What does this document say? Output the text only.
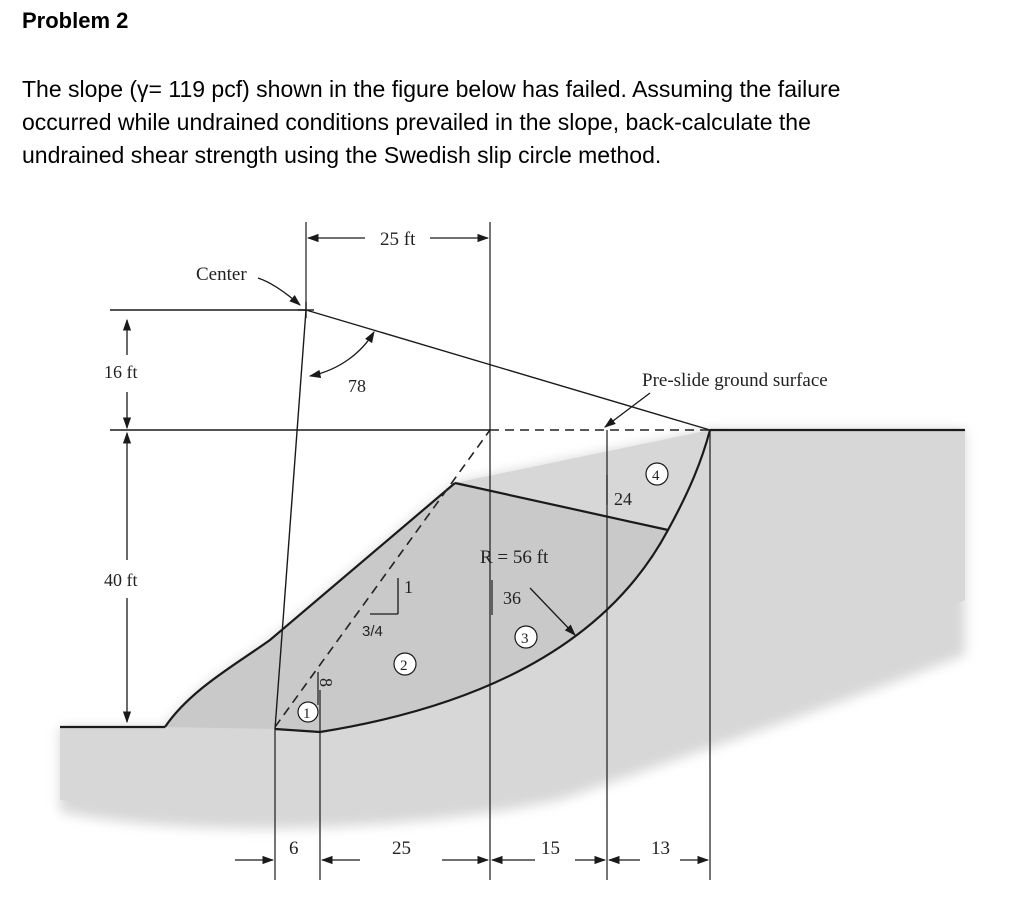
Problem 2
The slope (γ= 119 pcf) shown in the figure below has failed. Assuming the failure
occurred while undrained conditions prevailed in the slope, back-calculate the
undrained shear strength using the Swedish slip circle method.
25 ft
Center
16 ft
40 ft
78	Pre-slide ground surface
1
3/4
8
R = 56 ft
36
24
1
2
3
4
6	25	15	13
